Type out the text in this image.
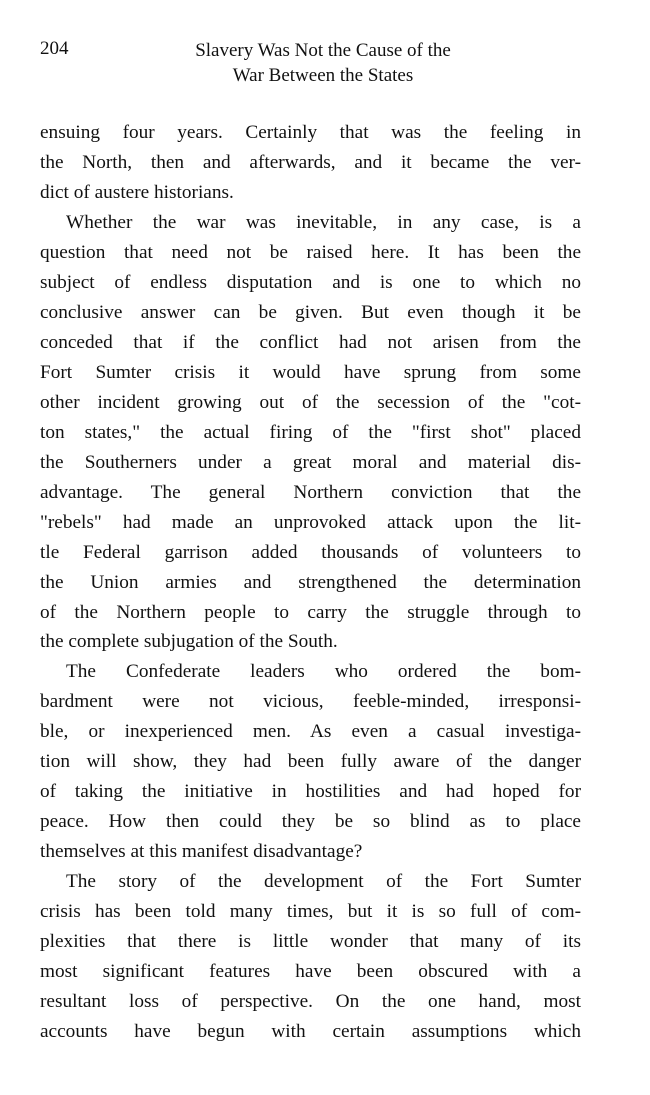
204	Slavery Was Not the Cause of the
War Between the States
ensuing four years. Certainly that was the feeling in
the North, then and afterwards, and it became the ver-
dict of austere historians.
Whether the war was inevitable, in any case, is a
question that need not be raised here. It has been the
subject of endless disputation and is one to which no
conclusive answer can be given. But even though it be
conceded that if the conflict had not arisen from the
Fort Sumter crisis it would have sprung from some
other incident growing out of the secession of the "cot-
ton states," the actual firing of the "first shot" placed
the Southerners under a great moral and material dis-
advantage. The general Northern conviction that the
"rebels" had made an unprovoked attack upon the lit-
tle Federal garrison added thousands of volunteers to
the Union armies and strengthened the determination
of the Northern people to carry the struggle through to
the complete subjugation of the South.
The Confederate leaders who ordered the bom-
bardment were not vicious, feeble-minded, irresponsi-
ble, or inexperienced men. As even a casual investiga-
tion will show, they had been fully aware of the danger
of taking the initiative in hostilities and had hoped for
peace. How then could they be so blind as to place
themselves at this manifest disadvantage?
The story of the development of the Fort Sumter
crisis has been told many times, but it is so full of com-
plexities that there is little wonder that many of its
most significant features have been obscured with a
resultant loss of perspective. On the one hand, most
accounts have begun with certain assumptions which
